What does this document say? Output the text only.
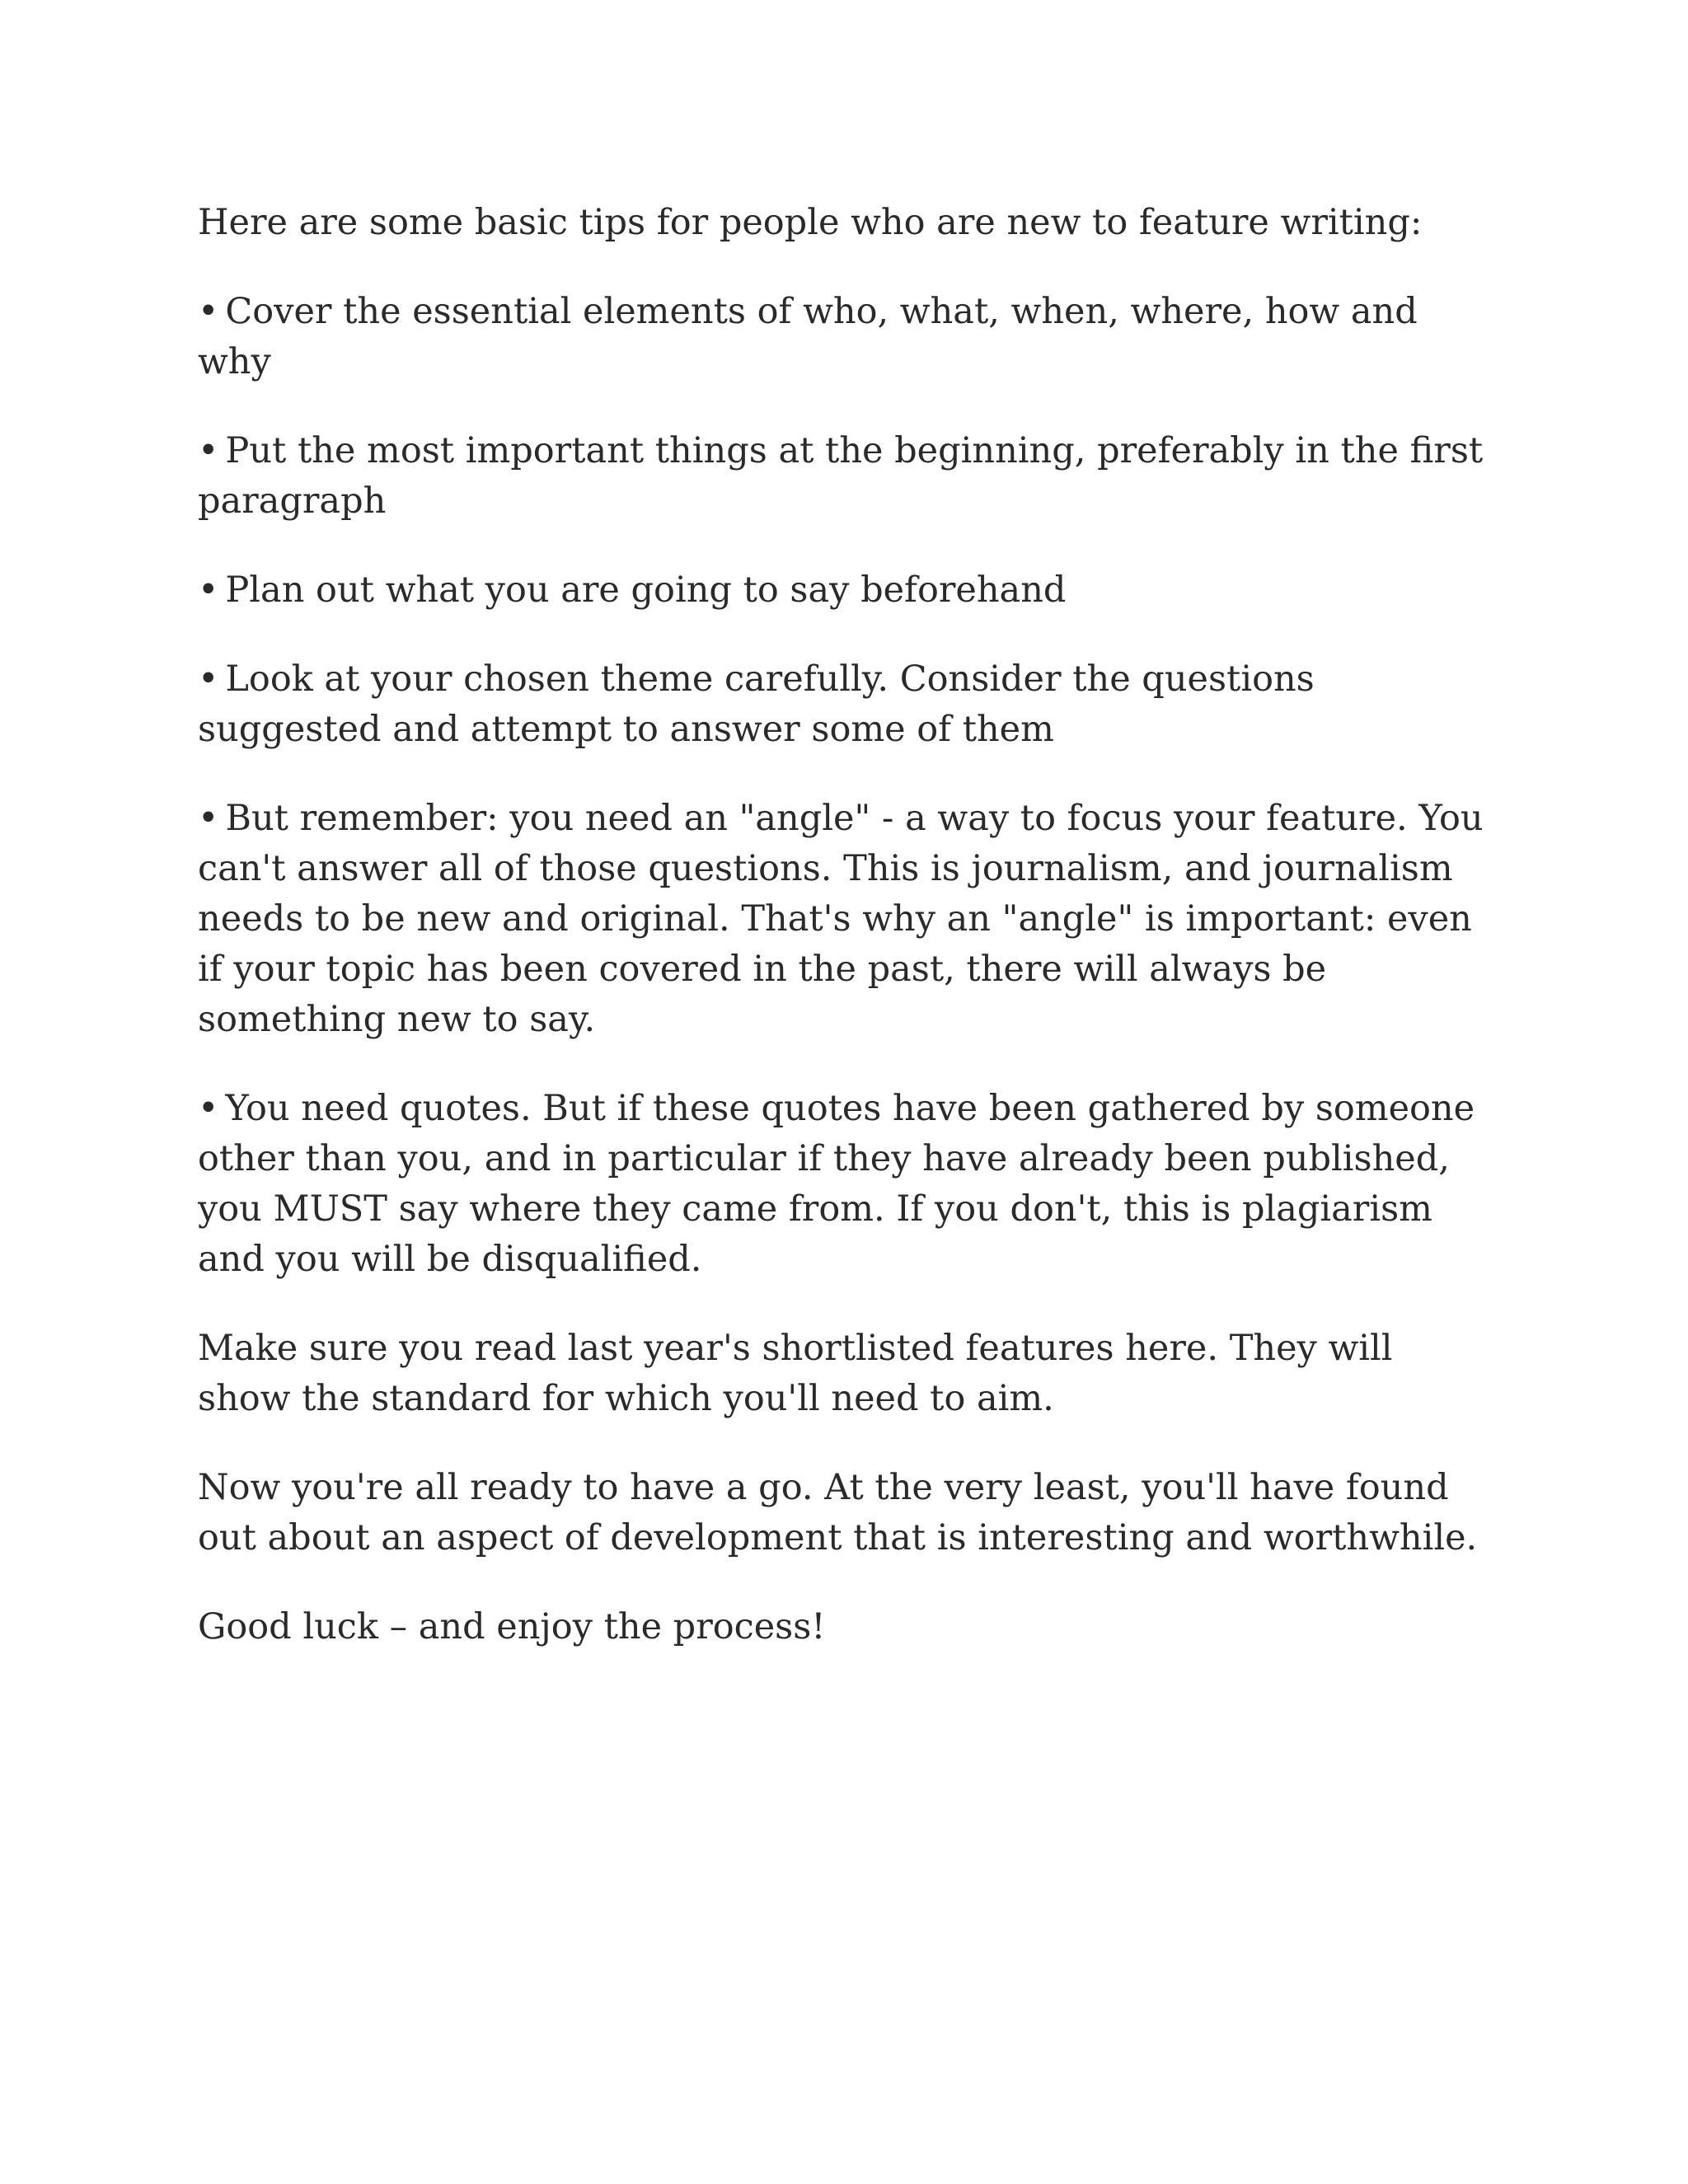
Here are some basic tips for people who are new to feature writing:

• Cover the essential elements of who, what, when, where, how and why

• Put the most important things at the beginning, preferably in the first paragraph

• Plan out what you are going to say beforehand

• Look at your chosen theme carefully. Consider the questions suggested and attempt to answer some of them

• But remember: you need an "angle" - a way to focus your feature. You can't answer all of those questions. This is journalism, and journalism needs to be new and original. That's why an "angle" is important: even if your topic has been covered in the past, there will always be something new to say.

• You need quotes. But if these quotes have been gathered by someone other than you, and in particular if they have already been published, you MUST say where they came from. If you don't, this is plagiarism and you will be disqualified.

Make sure you read last year's shortlisted features here. They will show the standard for which you'll need to aim.

Now you're all ready to have a go. At the very least, you'll have found out about an aspect of development that is interesting and worthwhile.

Good luck – and enjoy the process!
